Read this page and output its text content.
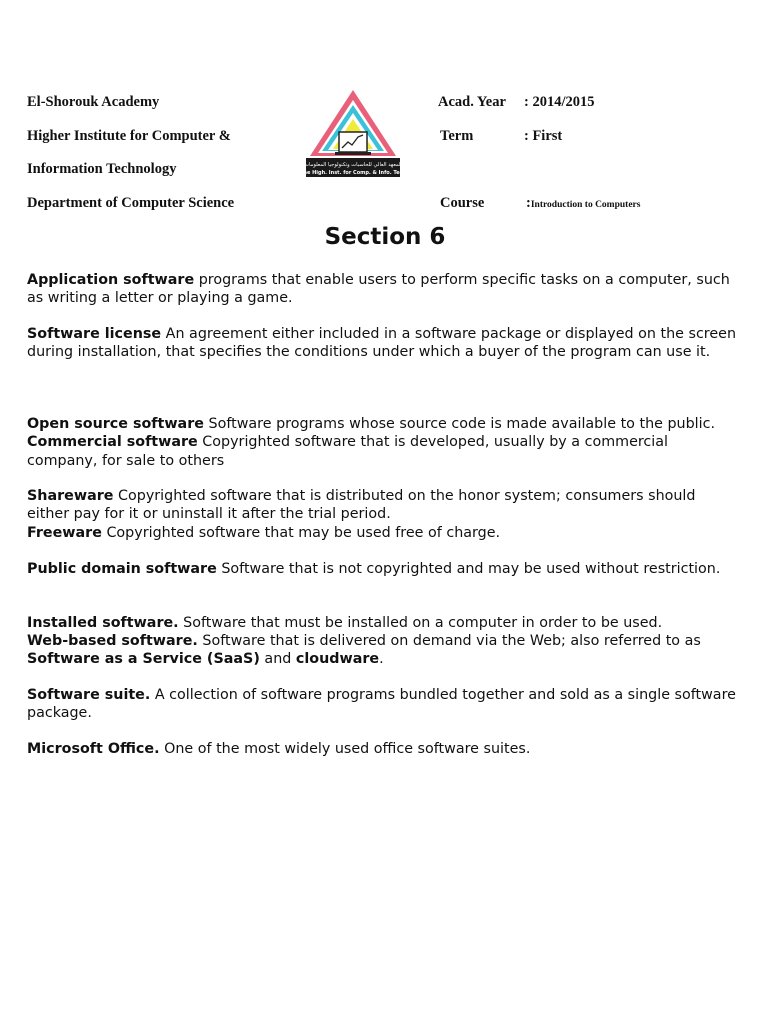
El-Shorouk Academy
Higher Institute for Computer &
Information Technology
Department of Computer Science
المعهد العالي للحاسبات وتكنولوجيا المعلومات
The High. Inst. for Comp. & Info. Tech
Acad. Year : 2014/2015
Term	: First
Course	:Introduction to Computers
Section 6

Application software programs that enable users to perform specific tasks on a computer, such as writing a letter or playing a game.

Software license An agreement either included in a software package or displayed on the screen during installation, that specifies the conditions under which a buyer of the program can use it.

Open source software Software programs whose source code is made available to the public. Commercial software Copyrighted software that is developed, usually by a commercial company, for sale to others

Shareware Copyrighted software that is distributed on the honor system; consumers should either pay for it or uninstall it after the trial period.

Freeware Copyrighted software that may be used free of charge.

Public domain software Software that is not copyrighted and may be used without restriction.

Installed software. Software that must be installed on a computer in order to be used.

Web-based software. Software that is delivered on demand via the Web; also referred to as Software as a Service (SaaS) and cloudware.

Software suite. A collection of software programs bundled together and sold as a single software package.

Microsoft Office. One of the most widely used office software suites.
